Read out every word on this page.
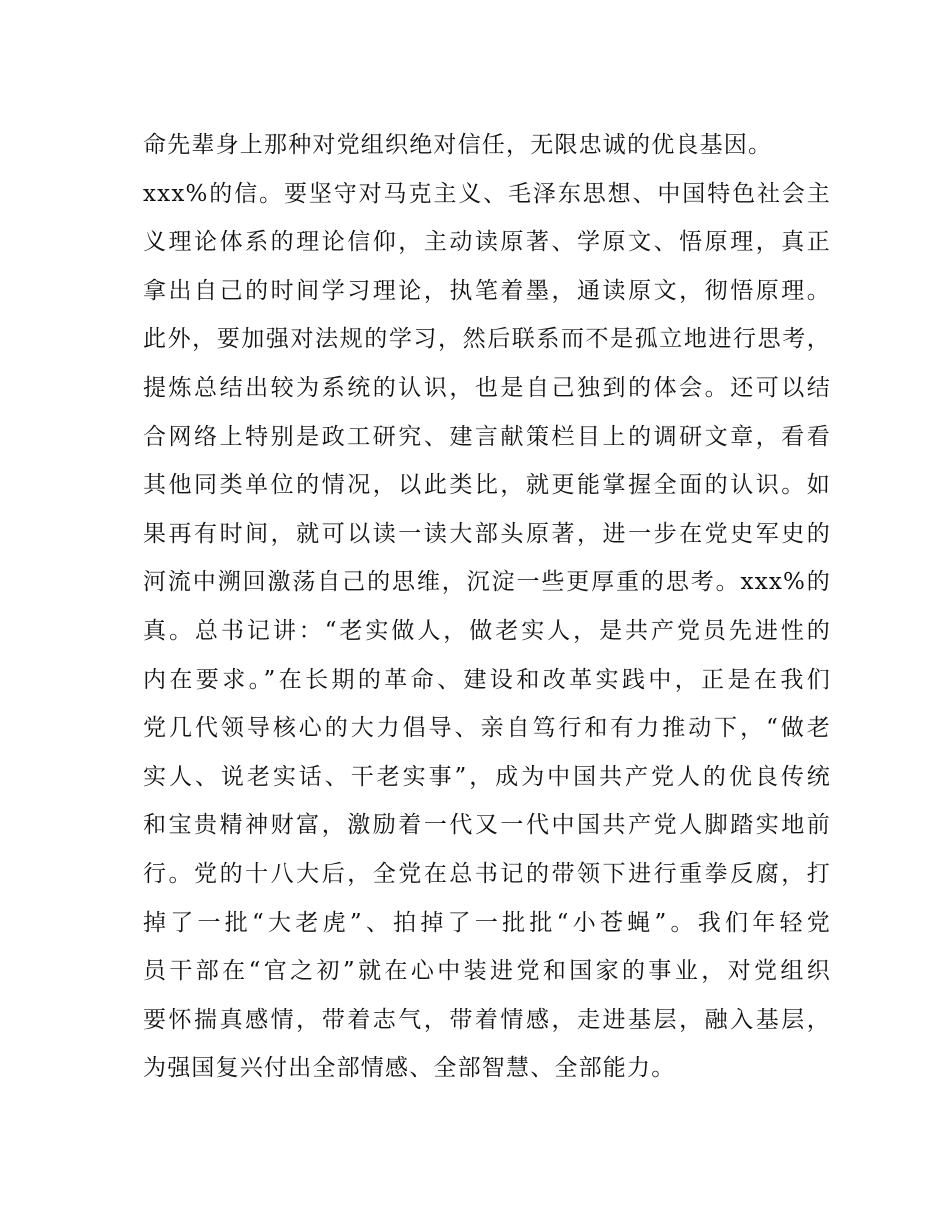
命先辈身上那种对党组织绝对信任，无限忠诚的优良基因。
xxx%的信。要坚守对马克主义、毛泽东思想、中国特色社会主
义理论体系的理论信仰，主动读原著、学原文、悟原理，真正
拿出自己的时间学习理论，执笔着墨，通读原文，彻悟原理。
此外，要加强对法规的学习，然后联系而不是孤立地进行思考，
提炼总结出较为系统的认识，也是自己独到的体会。还可以结
合网络上特别是政工研究、建言献策栏目上的调研文章，看看
其他同类单位的情况，以此类比，就更能掌握全面的认识。如
果再有时间，就可以读一读大部头原著，进一步在党史军史的
河流中溯回激荡自己的思维，沉淀一些更厚重的思考。xxx%的
真。总书记讲：“老实做人，做老实人，是共产党员先进性的
内在要求。”在长期的革命、建设和改革实践中，正是在我们
党几代领导核心的大力倡导、亲自笃行和有力推动下，“做老
实人、说老实话、干老实事”，成为中国共产党人的优良传统
和宝贵精神财富，激励着一代又一代中国共产党人脚踏实地前
行。党的十八大后，全党在总书记的带领下进行重拳反腐，打
掉了一批“大老虎”、拍掉了一批批“小苍蝇”。我们年轻党
员干部在“官之初”就在心中装进党和国家的事业，对党组织
要怀揣真感情，带着志气，带着情感，走进基层，融入基层，
为强国复兴付出全部情感、全部智慧、全部能力。
